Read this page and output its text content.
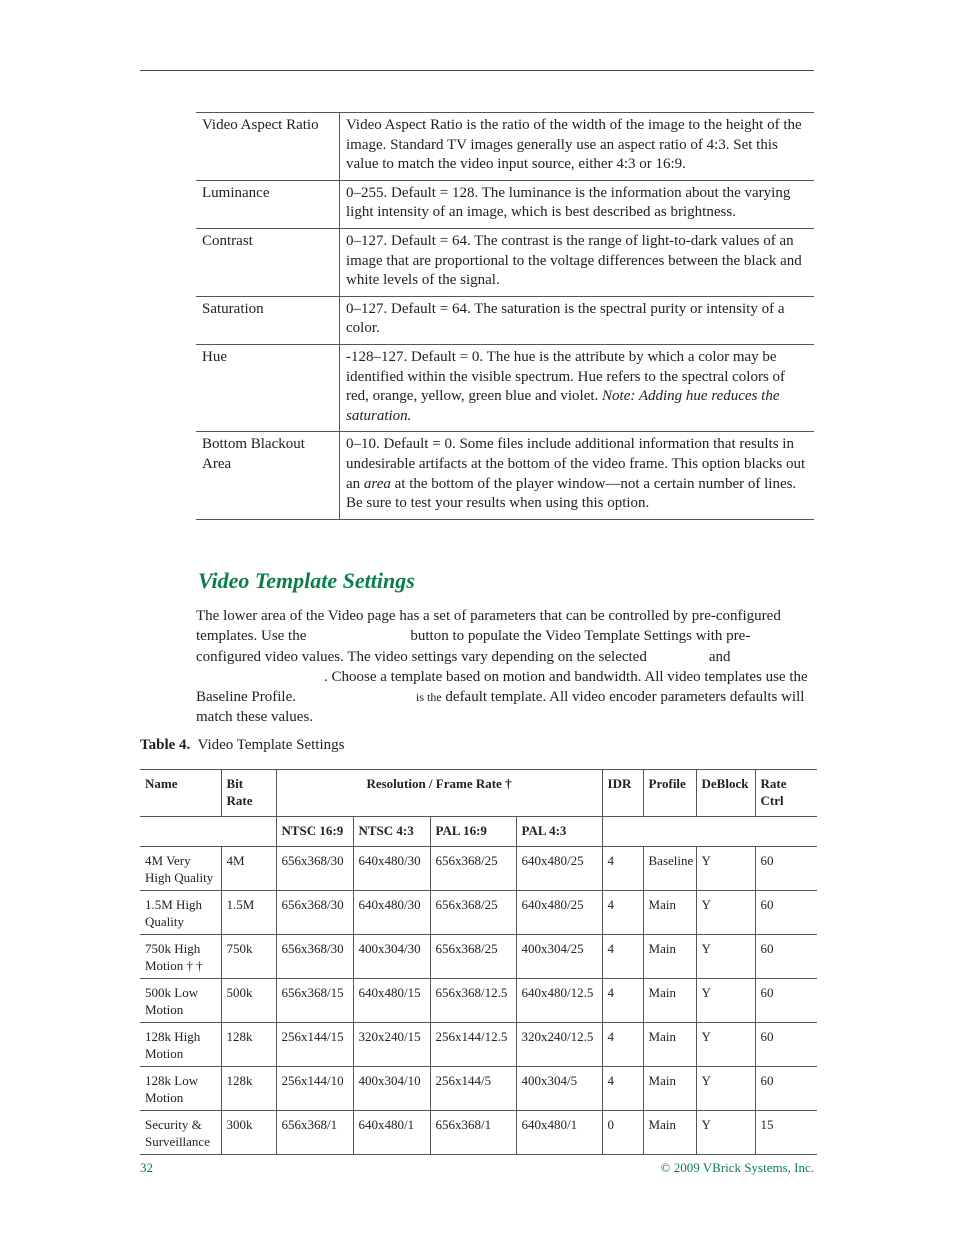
Video Aspect Ratio	Video Aspect Ratio is the ratio of the width of the image to the height of the image. Standard TV images generally use an aspect ratio of 4:3. Set this value to match the video input source, either 4:3 or 16:9.
Luminance	0–255. Default = 128. The luminance is the information about the varying light intensity of an image, which is best described as brightness.
Contrast	0–127. Default = 64. The contrast is the range of light-to-dark values of an image that are proportional to the voltage differences between the black and white levels of the signal.
Saturation	0–127. Default = 64. The saturation is the spectral purity or intensity of a color.
Hue	-128–127. Default = 0. The hue is the attribute by which a color may be identified within the visible spectrum. Hue refers to the spectral colors of red, orange, yellow, green blue and violet. Note: Adding hue reduces the saturation.
Bottom Blackout Area	0–10. Default = 0. Some files include additional information that results in undesirable artifacts at the bottom of the video frame. This option blacks out an area at the bottom of the player window—not a certain number of lines. Be sure to test your results when using this option.
Video Template Settings

The lower area of the Video page has a set of parameters that can be controlled by pre-configured templates. Use the	button to populate the Video Template Settings with pre-configured video values. The video settings vary depending on the selected	and. Choose a template based on motion and bandwidth. All video templates use the Baseline Profile.	is the default template. All video encoder parameters defaults will match these values.

Table 4. Video Template Settings

Name	Bit Rate	Resolution / Frame Rate †				IDR	Profile	DeBlock	Rate Ctrl
		NTSC 16:9	NTSC 4:3	PAL 16:9	PAL 4:3				
4M Very High Quality	4M	656x368/30	640x480/30	656x368/25	640x480/25	4	Baseline	Y	60
1.5M High Quality	1.5M	656x368/30	640x480/30	656x368/25	640x480/25	4	Main	Y	60
750k High Motion † †	750k	656x368/30	400x304/30	656x368/25	400x304/25	4	Main	Y	60
500k Low Motion	500k	656x368/15	640x480/15	656x368/12.5	640x480/12.5	4	Main	Y	60
128k High Motion	128k	256x144/15	320x240/15	256x144/12.5	320x240/12.5	4	Main	Y	60
128k Low Motion	128k	256x144/10	400x304/10	256x144/5	400x304/5	4	Main	Y	60
Security & Surveillance	300k	656x368/1	640x480/1	656x368/1	640x480/1	0	Main	Y	15
32	© 2009 VBrick Systems, Inc.
